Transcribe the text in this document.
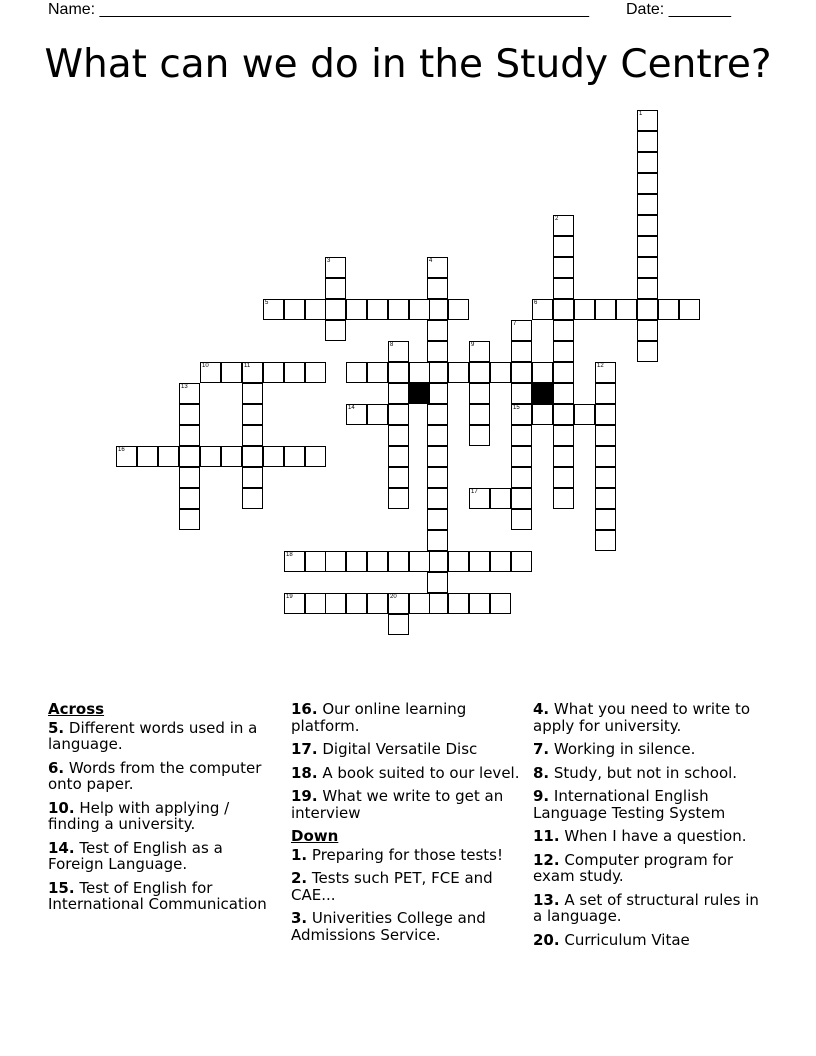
Name: _______________________________________________________ Date: _______
What can we do in the Study Centre?
1
2
3	4
5	6
7
15
8	9
10	11	12
13
14
16
17
18
19	20
Across
5. Different words used in a language.
6. Words from the computer onto paper.
10. Help with applying / finding a university.
14. Test of English as a Foreign Language.
15. Test of English for International Communication
16. Our online learning platform.
17. Digital Versatile Disc
18. A book suited to our level.
19. What we write to get an interview
Down
1. Preparing for those tests!
2. Tests such PET, FCE and CAE...
3. Univerities College and Admissions Service.
4. What you need to write to apply for university.
7. Working in silence.
8. Study, but not in school.
9. International English Language Testing System
11. When I have a question.
12. Computer program for exam study.
13. A set of structural rules in a language.
20. Curriculum Vitae
